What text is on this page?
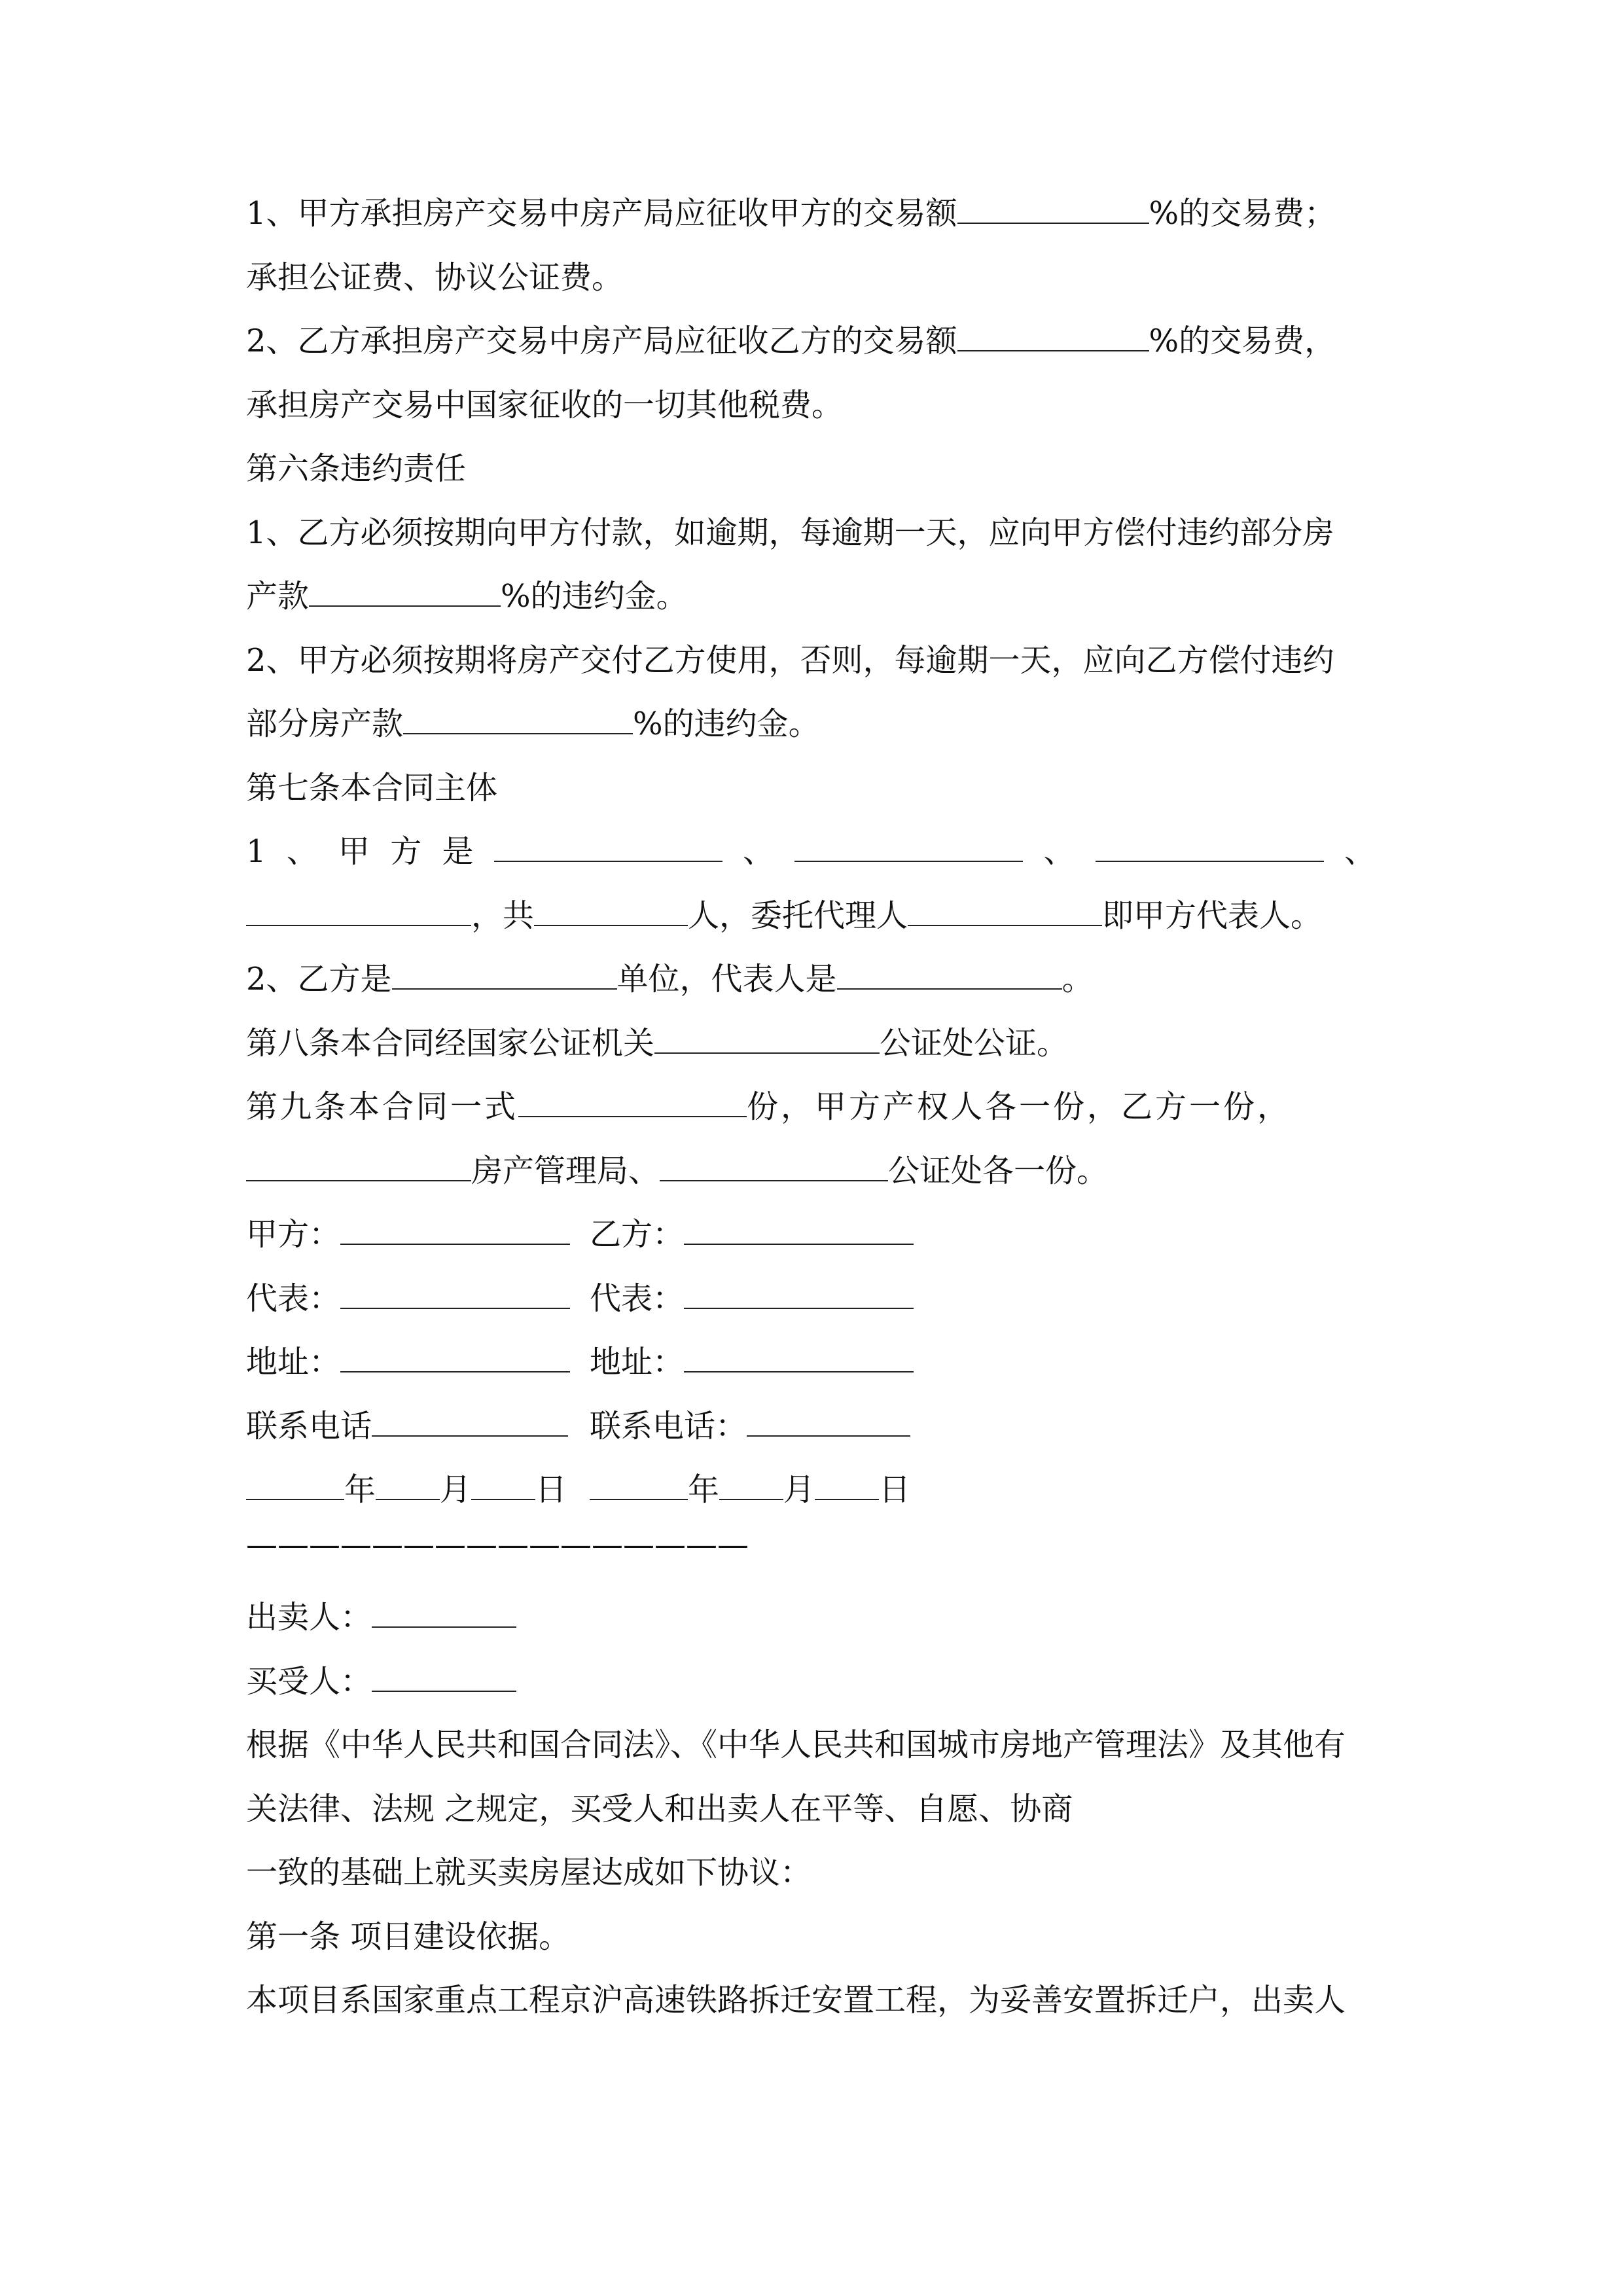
1、甲方承担房产交易中房产局应征收甲方的交易额	%的交易费；
承担公证费、协议公证费。
2、乙方承担房产交易中房产局应征收乙方的交易额	%的交易费，
承担房产交易中国家征收的一切其他税费。
第六条违约责任
1、乙方必须按期向甲方付款，如逾期，每逾期一天，应向甲方偿付违约部分房
产款	%的违约金。
2、甲方必须按期将房产交付乙方使用，否则，每逾期一天，应向乙方偿付违约
部分房产款	%的违约金。
第七条本合同主体
1 、 甲 方 是	、	、	、
，共	人，委托代理人	即甲方代表人。
2、乙方是	单位，代表人是	。
第八条本合同经国家公证机关	公证处公证。
第九条本合同一式	份，甲方产权人各一份，乙方一份，
房产管理局、	公证处各一份。
甲方：	乙方：
代表：	代表：
地址：	地址：
联系电话	联系电话：
年 月 日	年 月 日
————————————————
出卖人：
买受人：
根据《中华人民共和国合同法》、《中华人民共和国城市房地产管理法》及其他有
关法律、法规 之规定，买受人和出卖人在平等、自愿、协商
一致的基础上就买卖房屋达成如下协议：
第一条 项目建设依据。
本项目系国家重点工程京沪高速铁路拆迁安置工程，为妥善安置拆迁户，出卖人
